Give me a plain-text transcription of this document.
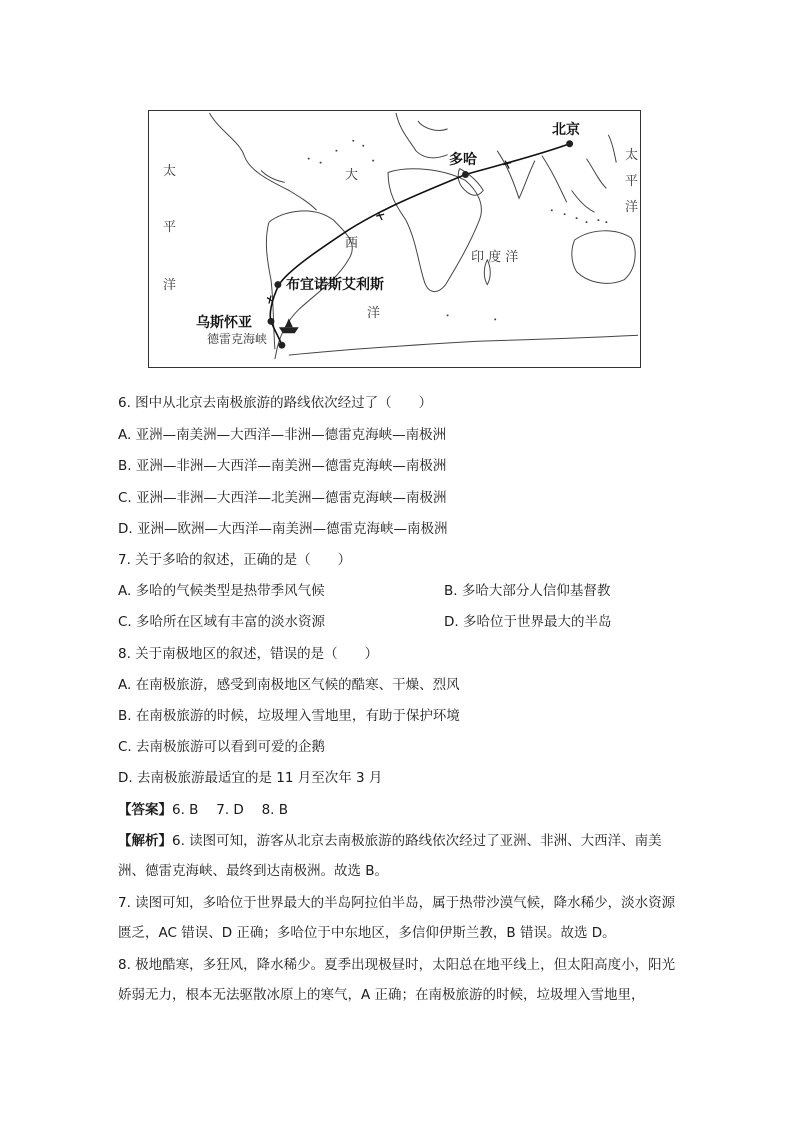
太
平
洋
大
西
洋
太
平
洋
印 度 洋
北京
多哈
布宜诺斯艾利斯
乌斯怀亚
德雷克海峡
6. 图中从北京去南极旅游的路线依次经过了（　　）
A. 亚洲—南美洲—大西洋—非洲—德雷克海峡—南极洲
B. 亚洲—非洲—大西洋—南美洲—德雷克海峡—南极洲
C. 亚洲—非洲—大西洋—北美洲—德雷克海峡—南极洲
D. 亚洲—欧洲—大西洋—南美洲—德雷克海峡—南极洲
7. 关于多哈的叙述，正确的是（　　）
A. 多哈的气候类型是热带季风气候	B. 多哈大部分人信仰基督教
C. 多哈所在区域有丰富的淡水资源	D. 多哈位于世界最大的半岛
8. 关于南极地区的叙述，错误的是（　　）
A. 在南极旅游，感受到南极地区气候的酷寒、干燥、烈风
B. 在南极旅游的时候，垃圾埋入雪地里，有助于保护环境
C. 去南极旅游可以看到可爱的企鹅
D. 去南极旅游最适宜的是 11 月至次年 3 月
【答案】6. B　 7. D　 8. B
【解析】6. 读图可知，游客从北京去南极旅游的路线依次经过了亚洲、非洲、大西洋、南美洲、德雷克海峡、最终到达南极洲。故选 B。
7. 读图可知，多哈位于世界最大的半岛阿拉伯半岛，属于热带沙漠气候，降水稀少，淡水资源匮乏，AC 错误、D 正确；多哈位于中东地区，多信仰伊斯兰教，B 错误。故选 D。
8. 极地酷寒，多狂风，降水稀少。夏季出现极昼时，太阳总在地平线上，但太阳高度小，阳光娇弱无力，根本无法驱散冰原上的寒气，A 正确；在南极旅游的时候，垃圾埋入雪地里，
